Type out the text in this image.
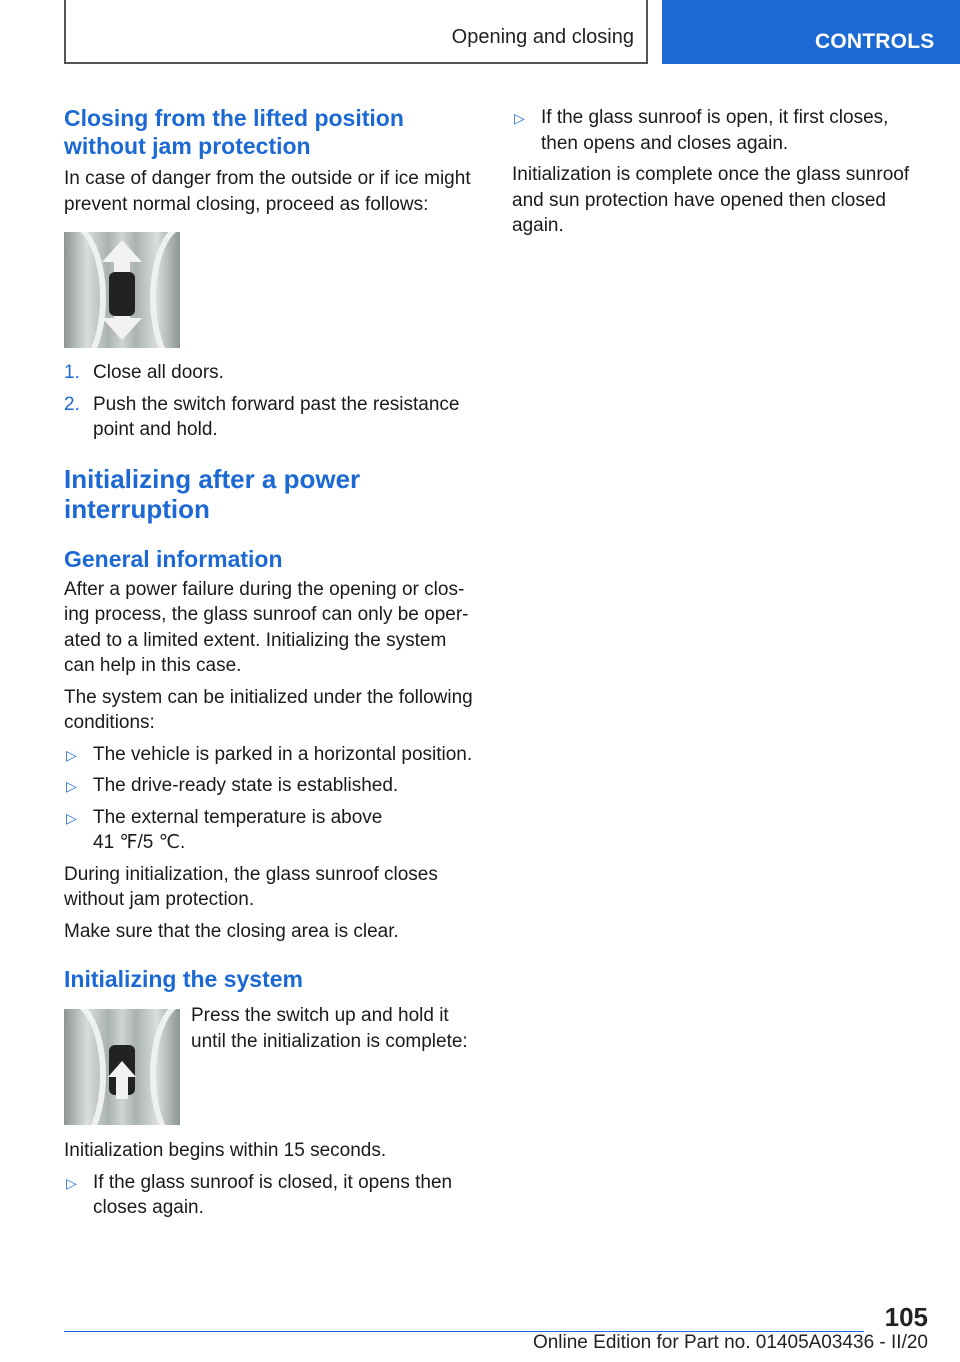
Opening and closing	CONTROLS
Closing from the lifted position without jam protection

In case of danger from the outside or if ice might prevent normal closing, proceed as follows:

1. Close all doors.
2. Push the switch forward past the resistance point and hold.
Initializing after a power interruption
General information

After a power failure during the opening or clos‐ing process, the glass sunroof can only be oper‐ated to a limited extent. Initializing the system can help in this case.

The system can be initialized under the following conditions:

▷ The vehicle is parked in a horizontal position.
▷ The drive-ready state is established.
▷ The external temperature is above 41 ℉/5 ℃.

During initialization, the glass sunroof closes without jam protection.

Make sure that the closing area is clear.

Initializing the system

Press the switch up and hold it until the initialization is complete:

Initialization begins within 15 seconds.

▷ If the glass sunroof is closed, it opens then closes again.
▷ If the glass sunroof is open, it first closes, then opens and closes again.

Initialization is complete once the glass sunroof and sun protection have opened then closed again.

105
Online Edition for Part no. 01405A03436 - II/20
